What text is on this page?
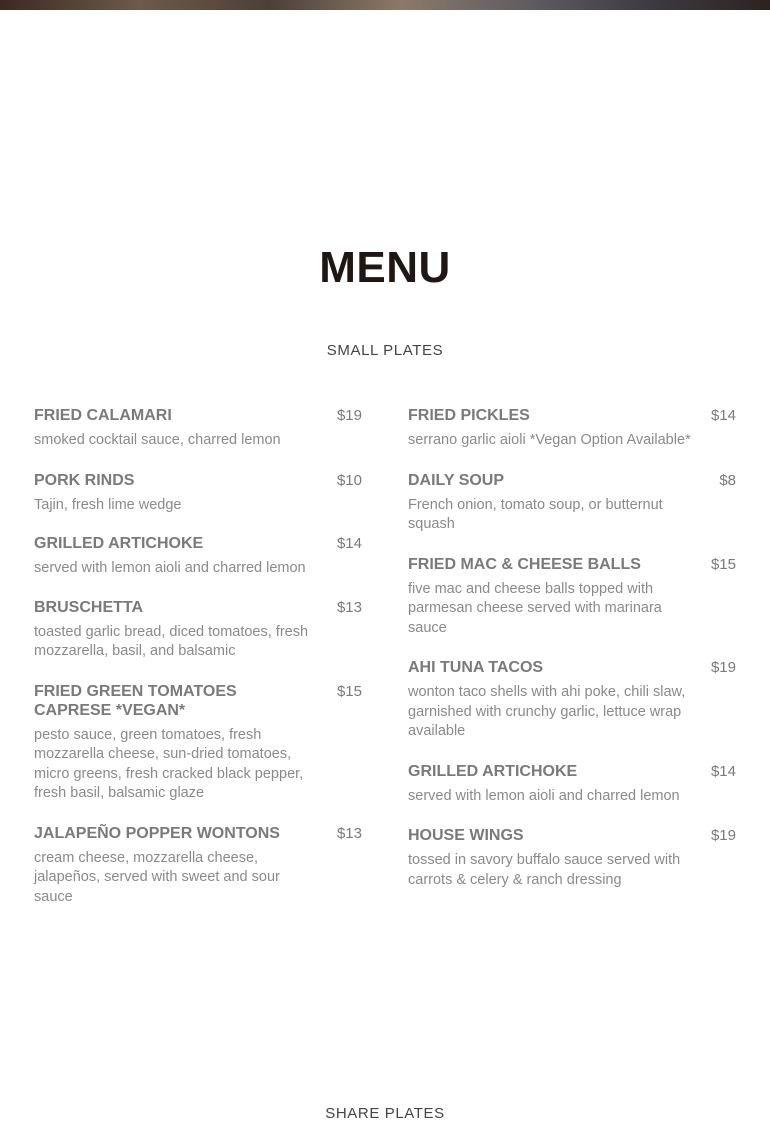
MENU
SMALL PLATES
FRIED CALAMARI	$19
smoked cocktail sauce, charred lemon
PORK RINDS	$10
Tajin, fresh lime wedge
GRILLED ARTICHOKE	$14
served with lemon aioli and charred lemon
BRUSCHETTA	$13
toasted garlic bread, diced tomatoes, fresh mozzarella, basil, and balsamic
FRIED GREEN TOMATOES CAPRESE *VEGAN*
$15
pesto sauce, green tomatoes, fresh mozzarella cheese, sun-dried tomatoes, micro greens, fresh cracked black pepper, fresh basil, balsamic glaze
JALAPEÑO POPPER WONTONS	$13
cream cheese, mozzarella cheese, jalapeños, served with sweet and sour sauce
FRIED PICKLES	$14
serrano garlic aioli *Vegan Option Available*
DAILY SOUP	$8
French onion, tomato soup, or butternut squash
FRIED MAC & CHEESE BALLS	$15
five mac and cheese balls topped with parmesan cheese served with marinara sauce
AHI TUNA TACOS	$19
wonton taco shells with ahi poke, chili slaw, garnished with crunchy garlic, lettuce wrap available
GRILLED ARTICHOKE	$14
served with lemon aioli and charred lemon
HOUSE WINGS	$19
tossed in savory buffalo sauce served with carrots & celery & ranch dressing
SHARE PLATES
